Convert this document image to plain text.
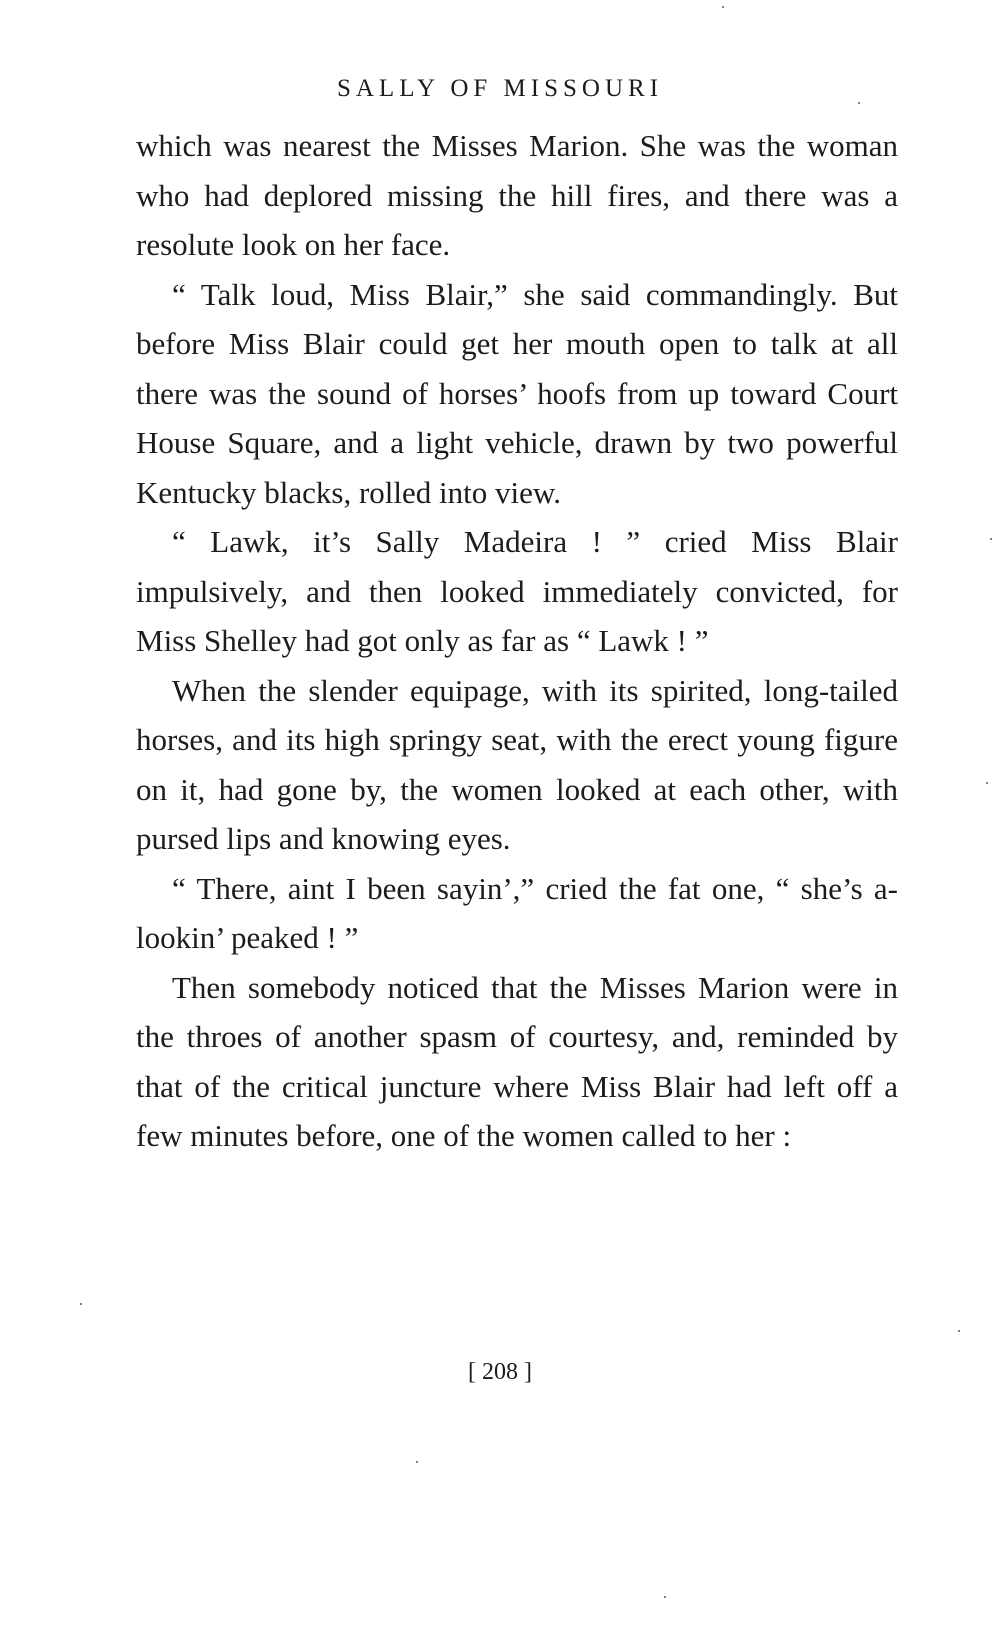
SALLY OF MISSOURI

which was nearest the Misses Marion. She was the woman who had deplored missing the hill fires, and there was a resolute look on her face.

“ Talk loud, Miss Blair,” she said commandingly. But before Miss Blair could get her mouth open to talk at all there was the sound of horses’ hoofs from up toward Court House Square, and a light vehicle, drawn by two powerful Kentucky blacks, rolled into view.

“ Lawk, it’s Sally Madeira ! ” cried Miss Blair impulsively, and then looked immediately convicted, for Miss Shelley had got only as far as “ Lawk ! ”

When the slender equipage, with its spirited, long-tailed horses, and its high springy seat, with the erect young figure on it, had gone by, the women looked at each other, with pursed lips and knowing eyes.

“ There, aint I been sayin’,” cried the fat one, “ she’s a-lookin’ peaked ! ”

Then somebody noticed that the Misses Marion were in the throes of another spasm of courtesy, and, reminded by that of the critical juncture where Miss Blair had left off a few minutes before, one of the women called to her :

[ 208 ]
